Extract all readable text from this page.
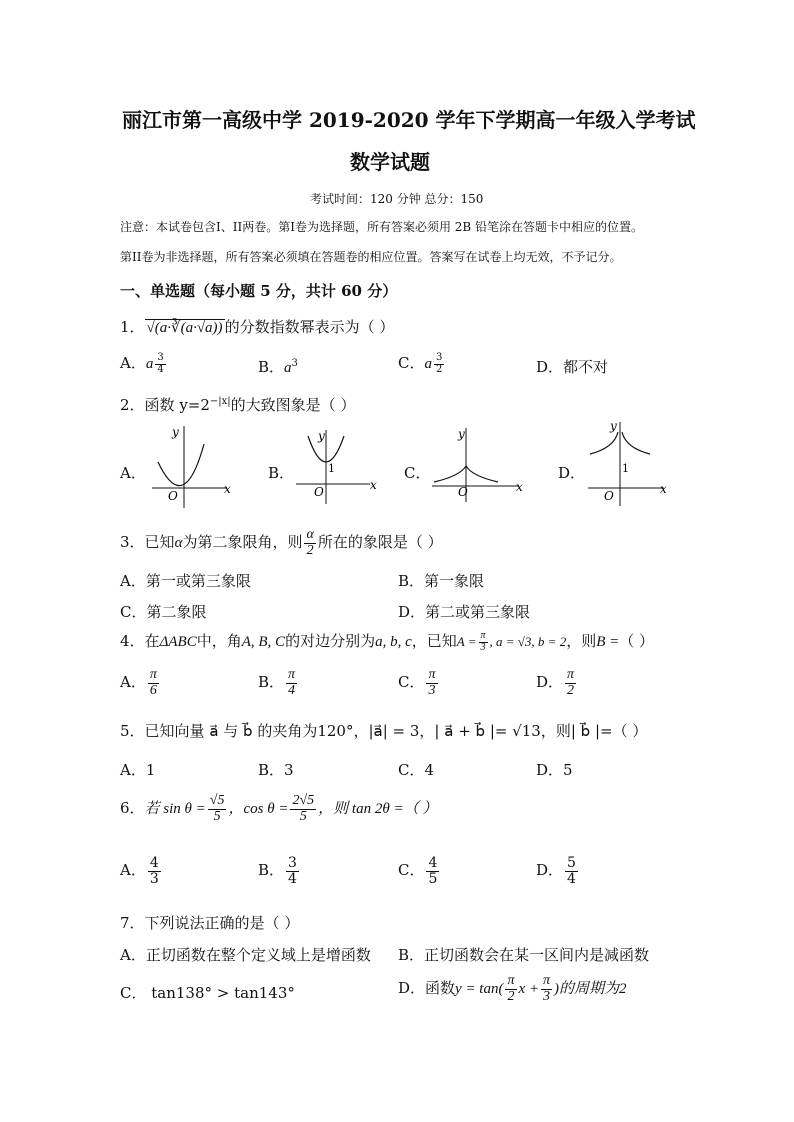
丽江市第一高级中学 2019-2020 学年下学期高一年级入学考试
数学试题
考试时间：120 分钟 总分：150
注意：本试卷包含I、II两卷。第I卷为选择题，所有答案必须用 2B 铅笔涂在答题卡中相应的位置。
第II卷为非选择题，所有答案必须填在答题卷的相应位置。答案写在试卷上均无效，不予记分。
一、单选题（每小题 5 分，共计 60 分）
1． √(a·∛(a·√a)) 的分数指数幂表示为（ ）
A．a $\frac{3}{4}$	B．$a^3$	C．a $\frac{3}{2}$	D．都不对
2．函数 $y=2^{-|x|}$的大致图象是（ ）
A．
x
y
O
B．
x
y
O
1	C．
x
y
O
D．
x
y
O
1
3．已知α为第二象限角，则 $\frac{\alpha}{2}$ 所在的象限是（ ）
A．第一或第三象限	B．第一象限
C．第二象限	D．第二或第三象限
4．在ΔABC中，角A, B, C的对边分别为a, b, c，已知$A = \frac{\pi}{3}$ , a = √3, b = 2，则B =（ ）
A． $\frac{\pi}{6}$	B． $\frac{\pi}{4}$	C． $\frac{\pi}{3}$	D． $\frac{\pi}{2}$
5．已知向量 a⃗ 与 b⃗ 的夹角为120°，|a⃗| = 3，| a⃗ + b⃗ |= √13，则| b⃗ |=（ ）
A．1	B．3	C．4	D．5
6．若 $\sin \theta = \frac{√5}{5}$ ，$\cos \theta = \frac{2√5}{5}$ ，则 tan 2θ =（ ）
A． $\frac{4}{3}$	B． $\frac{3}{4}$	C． $\frac{4}{5}$	D． $\frac{5}{4}$
7．下列说法正确的是（ ）
A．正切函数在整个定义域上是增函数 B．正切函数会在某一区间内是减函数
C． tan138° > tan143°	D．函数$y = \tan( \frac{\pi}{2}$ $x + \frac{\pi}{3}$ )的周期为2
